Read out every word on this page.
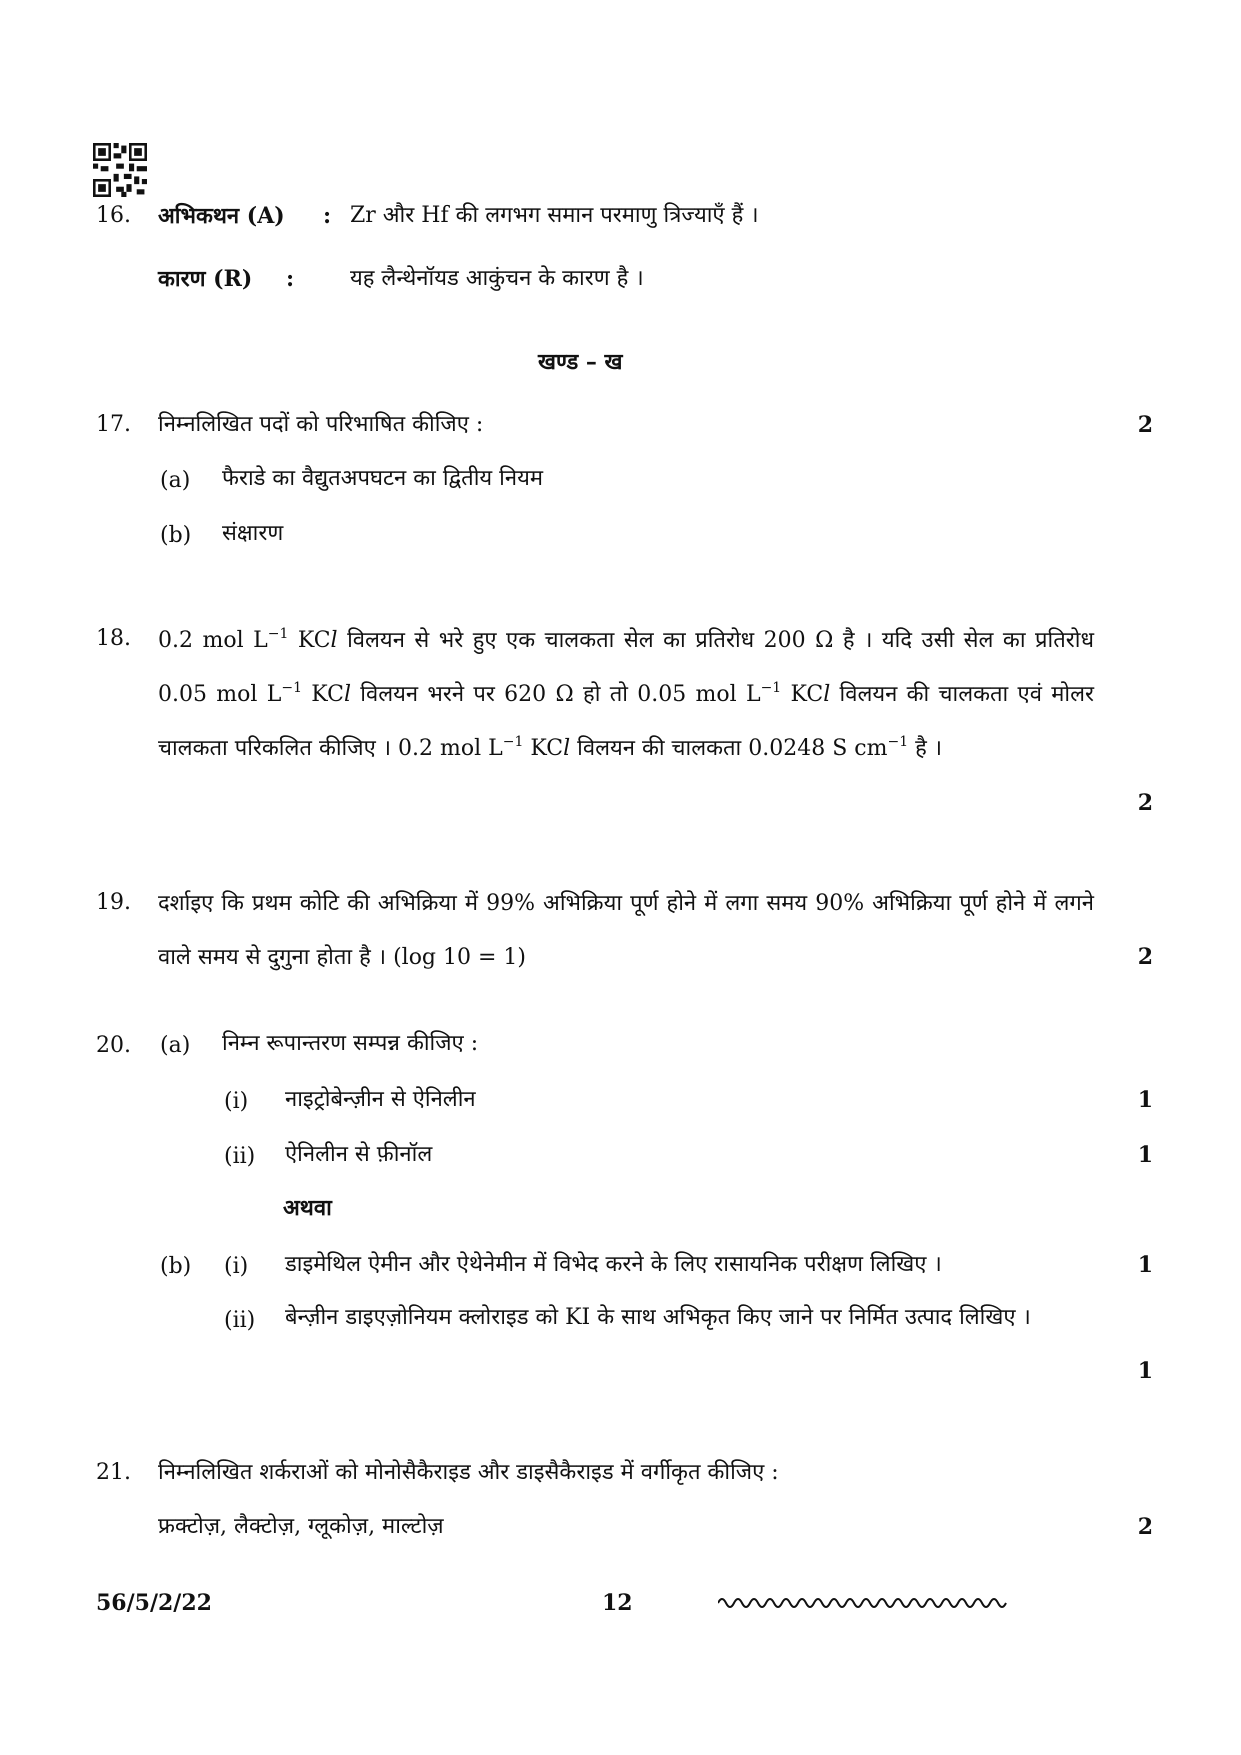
16. अभिकथन (A) : Zr और Hf की लगभग समान परमाणु त्रिज्याएँ हैं ।
कारण (R) :	यह लैन्थेनॉयड आकुंचन के कारण है ।
खण्ड – ख
17. निम्नलिखित पदों को परिभाषित कीजिए :	2
(a) फैराडे का वैद्युतअपघटन का द्वितीय नियम
(b) संक्षारण
18. 0.2 mol $L^{-1}$ KCl विलयन से भरे हुए एक चालकता सेल का प्रतिरोध 200 Ω है । यदि उसी सेल का प्रतिरोध 0.05 mol $L^{-1}$ KCl विलयन भरने पर 620 Ω हो तो 0.05 mol $L^{-1}$ KCl विलयन की चालकता एवं मोलर चालकता परिकलित कीजिए । 0.2 mol $L^{-1}$ KCl विलयन की चालकता 0.0248 S $cm^{-1}$ है ।
2
19. दर्शाइए कि प्रथम कोटि की अभिक्रिया में 99% अभिक्रिया पूर्ण होने में लगा समय 90% अभिक्रिया पूर्ण होने में लगने वाले समय से दुगुना होता है । (log 10 = 1)	2
20. (a) निम्न रूपान्तरण सम्पन्न कीजिए :
(i) नाइट्रोबेन्ज़ीन से ऐनिलीन	1
(ii) ऐनिलीन से फ़ीनॉल	1
अथवा
(b) (i) डाइमेथिल ऐमीन और ऐथेनेमीन में विभेद करने के लिए रासायनिक परीक्षण लिखिए ।	1
(ii) बेन्ज़ीन डाइएज़ोनियम क्लोराइड को KI के साथ अभिकृत किए जाने पर निर्मित उत्पाद लिखिए ।
1
21. निम्नलिखित शर्कराओं को मोनोसैकैराइड और डाइसैकैराइड में वर्गीकृत कीजिए :
फ्रक्टोज़, लैक्टोज़, ग्लूकोज़, माल्टोज़	2
56/5/2/22	12
